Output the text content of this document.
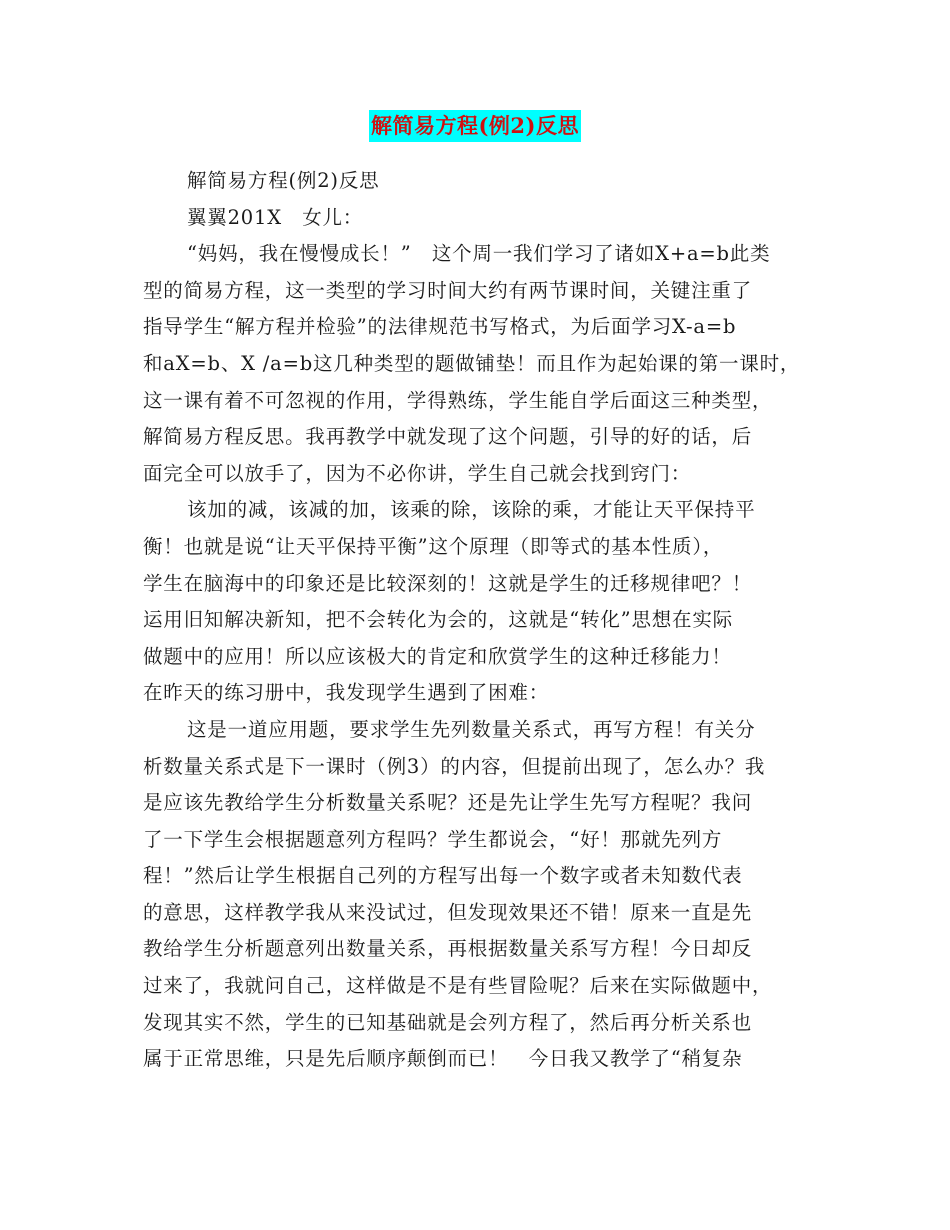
解简易方程(例2)反思
解简易方程(例2)反思
翼翼201X　女儿：
“妈妈，我在慢慢成长！”　这个周一我们学习了诸如X+a=b此类
型的简易方程，这一类型的学习时间大约有两节课时间，关键注重了
指导学生“解方程并检验”的法律规范书写格式，为后面学习X-a=b
和aX=b、X /a=b这几种类型的题做铺垫！而且作为起始课的第一课时，
这一课有着不可忽视的作用，学得熟练，学生能自学后面这三种类型，
解简易方程反思。我再教学中就发现了这个问题，引导的好的话，后
面完全可以放手了，因为不必你讲，学生自己就会找到窍门：
该加的减，该减的加，该乘的除，该除的乘，才能让天平保持平
衡！也就是说“让天平保持平衡”这个原理（即等式的基本性质），
学生在脑海中的印象还是比较深刻的！这就是学生的迁移规律吧？！
运用旧知解决新知，把不会转化为会的，这就是“转化”思想在实际
做题中的应用！所以应该极大的肯定和欣赏学生的这种迁移能力！
在昨天的练习册中，我发现学生遇到了困难：
这是一道应用题，要求学生先列数量关系式，再写方程！有关分
析数量关系式是下一课时（例3）的内容，但提前出现了，怎么办？我
是应该先教给学生分析数量关系呢？还是先让学生先写方程呢？我问
了一下学生会根据题意列方程吗？学生都说会，“好！那就先列方
程！”然后让学生根据自己列的方程写出每一个数字或者未知数代表
的意思，这样教学我从来没试过，但发现效果还不错！原来一直是先
教给学生分析题意列出数量关系，再根据数量关系写方程！今日却反
过来了，我就问自己，这样做是不是有些冒险呢？后来在实际做题中，
发现其实不然，学生的已知基础就是会列方程了，然后再分析关系也
属于正常思维，只是先后顺序颠倒而已！　今日我又教学了“稍复杂
